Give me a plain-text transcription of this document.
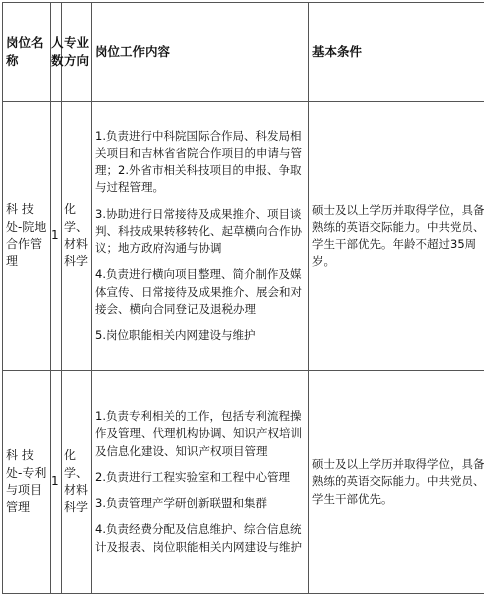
岗位名称	人数	专业方向	岗位工作内容	基本条件
科 技 处-院地合作管理	1	化学、材料科学	1.负责进行中科院国际合作局、科发局相关项目和吉林省省院合作项目的申请与管理；2.外省市相关科技项目的申报、争取与过程管理。

3.协助进行日常接待及成果推介、项目谈判、科技成果转移转化、起草横向合作协议；地方政府沟通与协调

4.负责进行横向项目整理、简介制作及媒体宣传、日常接待及成果推介、展会和对接会、横向合同登记及退税办理

5.岗位职能相关内网建设与维护	硕士及以上学历并取得学位，具备熟练的英语交际能力。中共党员、学生干部优先。年龄不超过35周岁。
科 技 处-专利与项目 管理	1	化学、材料科学	1.负责专利相关的工作，包括专利流程操作及管理、代理机构协调、知识产权培训及信息化建设、知识产权项目管理

2.负责进行工程实验室和工程中心管理

3.负责管理产学研创新联盟和集群

4.负责经费分配及信息维护、综合信息统计及报表、岗位职能相关内网建设与维护	硕士及以上学历并取得学位，具备熟练的英语交际能力。中共党员、学生干部优先。
